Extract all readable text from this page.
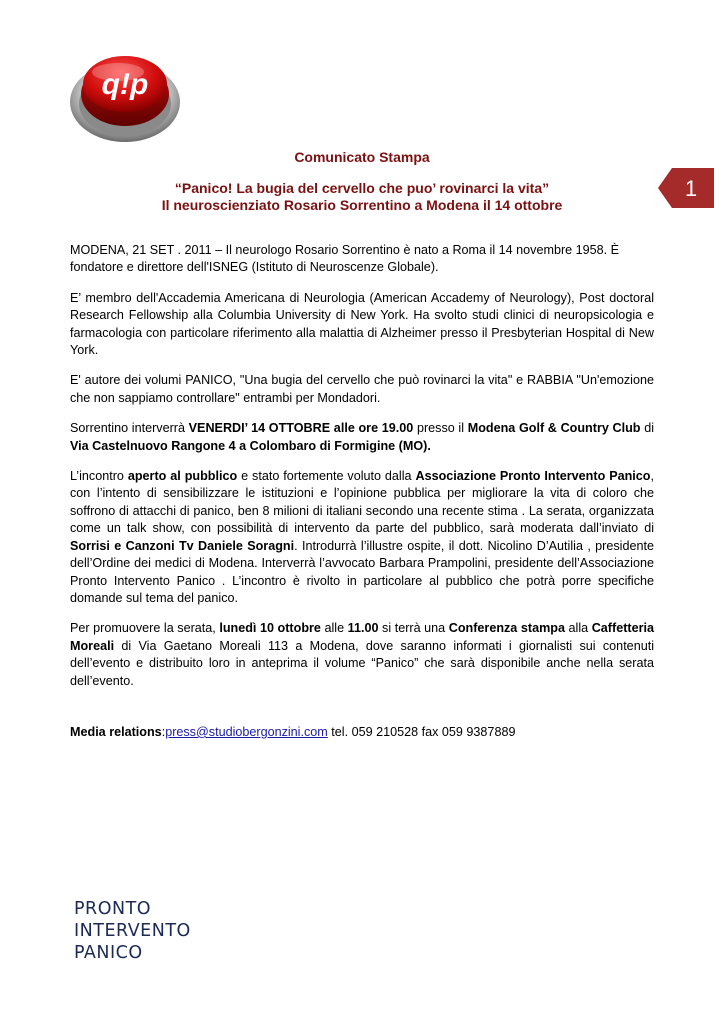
q!p
1

Comunicato Stampa

“Panico! La bugia del cervello che puo’ rovinarci la vita”

Il neuroscienziato Rosario Sorrentino a Modena il 14 ottobre

MODENA, 21 SET . 2011 – Il neurologo Rosario Sorrentino è nato a Roma il 14 novembre 1958. È fondatore e direttore dell'ISNEG (Istituto di Neuroscenze Globale).

E’ membro dell'Accademia Americana di Neurologia (American Accademy of Neurology), Post doctoral Research Fellowship alla Columbia University di New York. Ha svolto studi clinici di neuropsicologia e farmacologia con particolare riferimento alla malattia di Alzheimer presso il Presbyterian Hospital di New York.

E' autore dei volumi PANICO, "Una bugia del cervello che può rovinarci la vita" e RABBIA "Un'emozione che non sappiamo controllare" entrambi per Mondadori.

Sorrentino interverrà VENERDI’ 14 OTTOBRE alle ore 19.00 presso il Modena Golf & Country Club di Via Castelnuovo Rangone 4 a Colombaro di Formigine (MO).

L’incontro aperto al pubblico e stato fortemente voluto dalla Associazione Pronto Intervento Panico, con l’intento di sensibilizzare le istituzioni e l’opinione pubblica per migliorare la vita di coloro che soffrono di attacchi di panico, ben 8 milioni di italiani secondo una recente stima . La serata, organizzata come un talk show, con possibilità di intervento da parte del pubblico, sarà moderata dall’inviato di Sorrisi e Canzoni Tv Daniele Soragni. Introdurrà l’illustre ospite, il dott. Nicolino D’Autilia , presidente dell’Ordine dei medici di Modena. Interverrà l’avvocato Barbara Prampolini, presidente dell’Associazione Pronto Intervento Panico . L’incontro è rivolto in particolare al pubblico che potrà porre specifiche domande sul tema del panico.

Per promuovere la serata, lunedì 10 ottobre alle 11.00 si terrà una Conferenza stampa alla Caffetteria Moreali di Via Gaetano Moreali 113 a Modena, dove saranno informati i giornalisti sui contenuti dell’evento e distribuito loro in anteprima il volume “Panico” che sarà disponibile anche nella serata dell’evento.

Media relations:press@studiobergonzini.com tel. 059 210528 fax 059 9387889

PRONTO
INTERVENTO
PANICO
